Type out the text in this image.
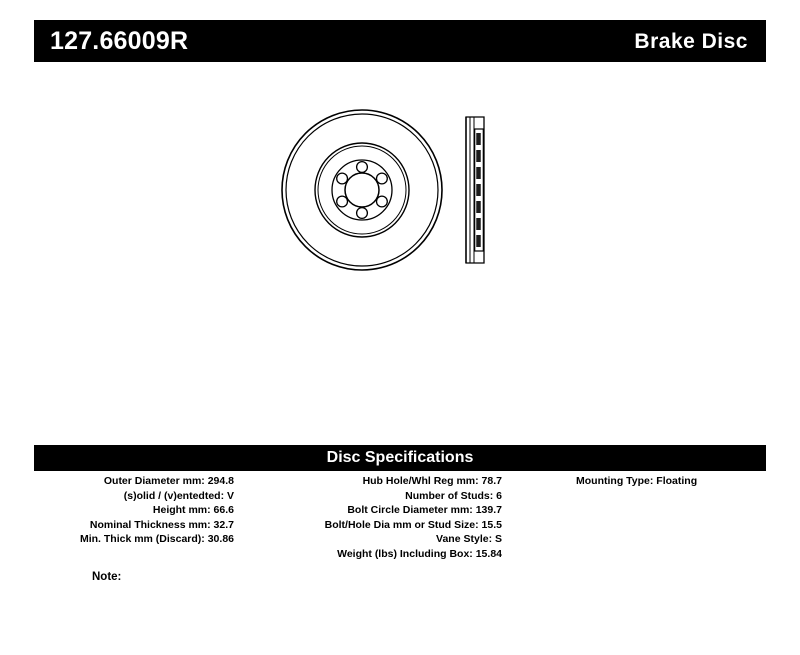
127.66009R	Brake Disc
Disc Specifications
Outer Diameter mm: 294.8
(s)olid / (v)entedted: V
Height mm: 66.6
Nominal Thickness mm: 32.7
Min. Thick mm (Discard): 30.86
Hub Hole/Whl Reg mm: 78.7
Number of Studs: 6
Bolt Circle Diameter mm: 139.7
Bolt/Hole Dia mm or Stud Size: 15.5
Vane Style: S
Weight (lbs) Including Box: 15.84
Mounting Type: Floating
Note:
